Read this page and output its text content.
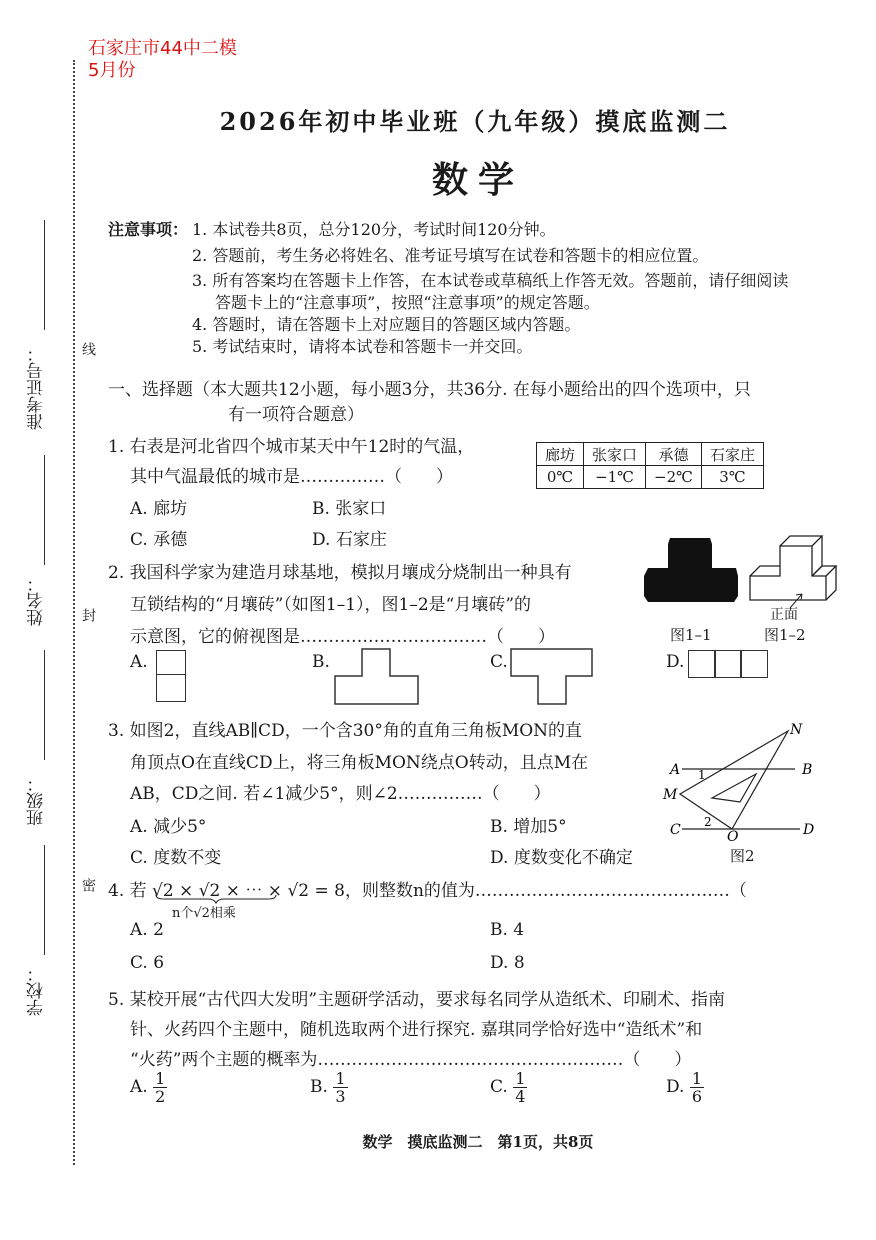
石家庄市44中二模
5月份
准考证号：
姓名：
班级：
学校：
线
封
密
2026年初中毕业班（九年级）摸底监测二
数学
注意事项： 1. 本试卷共8页，总分120分，考试时间120分钟。
2. 答题前，考生务必将姓名、准考证号填写在试卷和答题卡的相应位置。
3. 所有答案均在答题卡上作答，在本试卷或草稿纸上作答无效。答题前，请仔细阅读
答题卡上的“注意事项”，按照“注意事项”的规定答题。
4. 答题时，请在答题卡上对应题目的答题区域内答题。
5. 考试结束时，请将本试卷和答题卡一并交回。
一、选择题（本大题共12小题，每小题3分，共36分. 在每小题给出的四个选项中，只
有一项符合题意）
1. 右表是河北省四个城市某天中午12时的气温，
其中气温最低的城市是……………（　　）
廊坊	张家口	承德	石家庄
0℃	−1℃	−2℃	3℃
A. 廊坊	B. 张家口
C. 承德	D. 石家庄
2. 我国科学家为建造月球基地，模拟月壤成分烧制出一种具有
互锁结构的“月壤砖”（如图1–1），图1–2是“月壤砖”的
示意图，它的俯视图是……………………………（　　）
正面
图1–1	图1–2
A.	B.	C.	D.
3. 如图2，直线AB∥CD，一个含30°角的直角三角板MON的直
角顶点O在直线CD上，将三角板MON绕点O转动，且点M在
AB，CD之间. 若∠1减少5°，则∠2……………（　　）
A. 减少5°	B. 增加5°
C. 度数不变	D. 度数变化不确定
N
A	B
M
C	D
O
1
2
图2
4. 若 √2 × √2 × ⋯ × √2 = 8，则整数n的值为………………………………………（
n个√2相乘
A. 2	B. 4
C. 6	D. 8
5. 某校开展“古代四大发明”主题研学活动，要求每名同学从造纸术、印刷术、指南
针、火药四个主题中，随机选取两个进行探究. 嘉琪同学恰好选中“造纸术”和
“火药”两个主题的概率为………………………………………………（　　）
A. $\frac{1}{2}$	B. $\frac{1}{3}$	C. $\frac{1}{4}$	D. $\frac{1}{6}$
数学　摸底监测二　第1页，共8页
